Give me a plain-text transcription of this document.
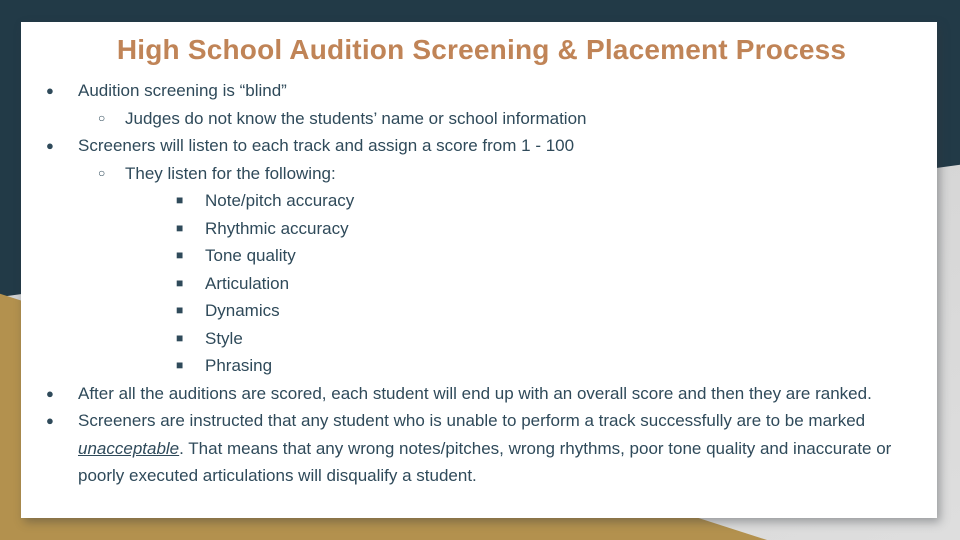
High School Audition Screening & Placement Process
●	Audition screening is “blind”
○	Judges do not know the students’ name or school information
●	Screeners will listen to each track and assign a score from 1 - 100
○	They listen for the following:
■	Note/pitch accuracy
■	Rhythmic accuracy
■	Tone quality
■	Articulation
■	Dynamics
■	Style
■	Phrasing
●	After all the auditions are scored, each student will end up with an overall score and then they are ranked.
●	Screeners are instructed that any student who is unable to perform a track successfully are to be marked unacceptable. That means that any wrong notes/pitches, wrong rhythms, poor tone quality and inaccurate or poorly executed articulations will disqualify a student.
